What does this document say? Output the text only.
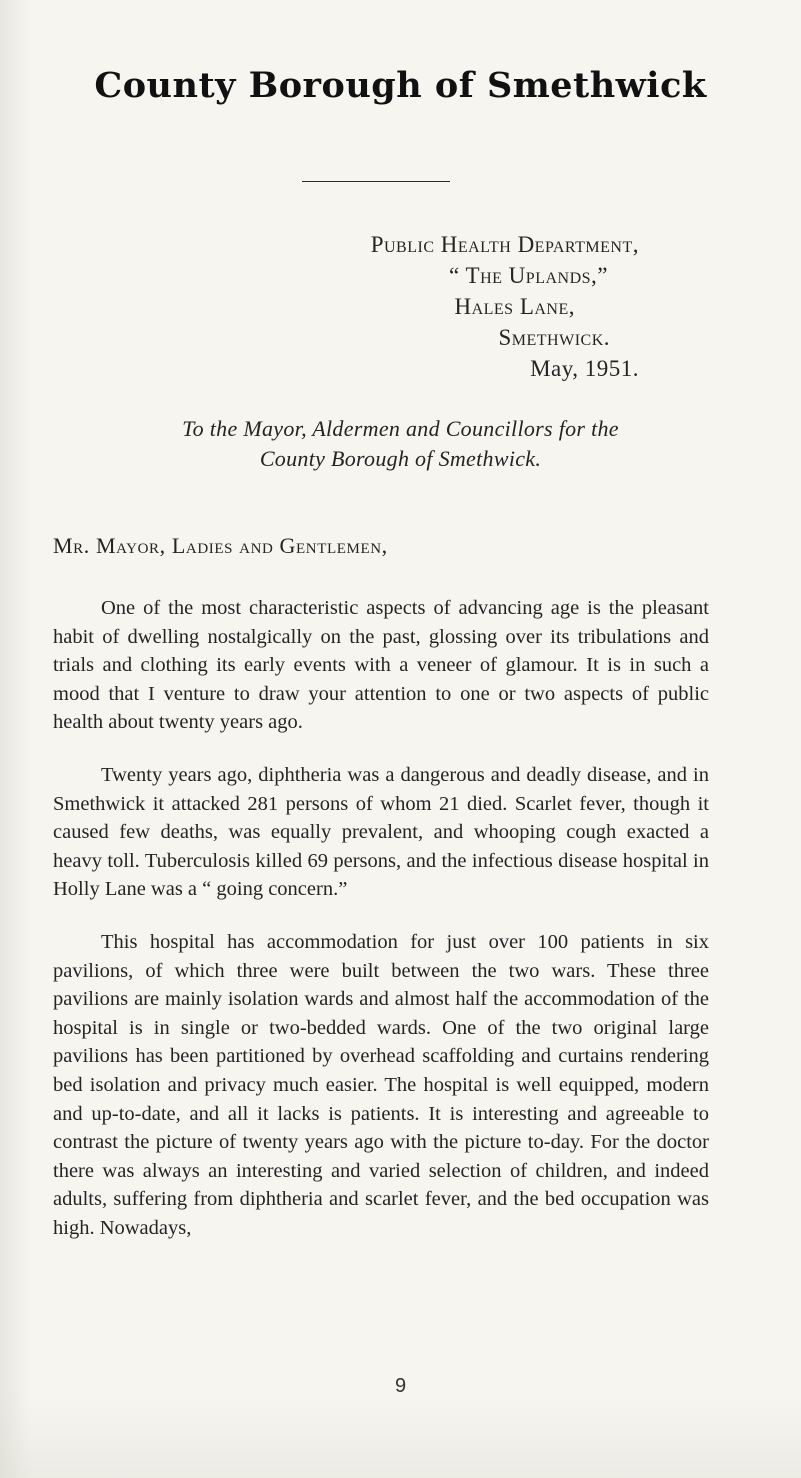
County Borough of Smethwick
Public Health Department,
“ The Uplands,”
Hales Lane,
Smethwick.
May, 1951.
To the Mayor, Aldermen and Councillors for the
County Borough of Smethwick.
Mr. Mayor, Ladies and Gentlemen,

One of the most characteristic aspects of advancing age is the pleasant habit of dwelling nostalgically on the past, glossing over its tribulations and trials and clothing its early events with a veneer of glamour. It is in such a mood that I venture to draw your attention to one or two aspects of public health about twenty years ago.

Twenty years ago, diphtheria was a dangerous and deadly disease, and in Smethwick it attacked 281 persons of whom 21 died. Scarlet fever, though it caused few deaths, was equally prevalent, and whooping cough exacted a heavy toll. Tuberculosis killed 69 persons, and the infectious disease hospital in Holly Lane was a “ going concern.”

This hospital has accommodation for just over 100 patients in six pavilions, of which three were built between the two wars. These three pavilions are mainly isolation wards and almost half the accommodation of the hospital is in single or two-bedded wards. One of the two original large pavilions has been partitioned by overhead scaffolding and curtains rendering bed isolation and privacy much easier. The hospital is well equipped, modern and up-to-date, and all it lacks is patients. It is interesting and agreeable to contrast the picture of twenty years ago with the picture to-day. For the doctor there was always an interesting and varied selection of children, and indeed adults, suffering from diphtheria and scarlet fever, and the bed occupation was high. Nowadays,

9
